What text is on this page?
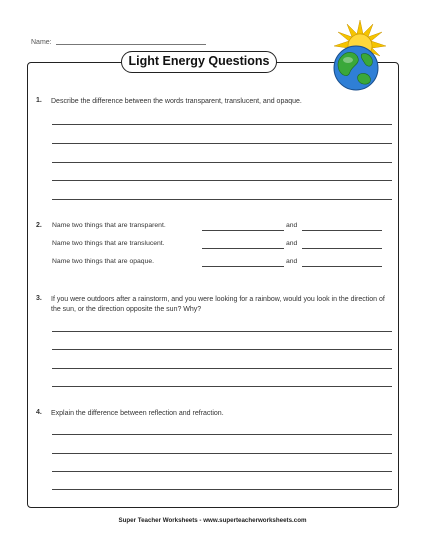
Name:
Light Energy Questions
1. Describe the difference between the words transparent, translucent, and opaque.
2. Name two things that are transparent.	and
Name two things that are translucent.	and
Name two things that are opaque.	and
3. If you were outdoors after a rainstorm, and you were looking for a rainbow, would you look in the direction of the sun, or the direction opposite the sun? Why?
4. Explain the difference between reflection and refraction.
Super Teacher Worksheets - www.superteacherworksheets.com
